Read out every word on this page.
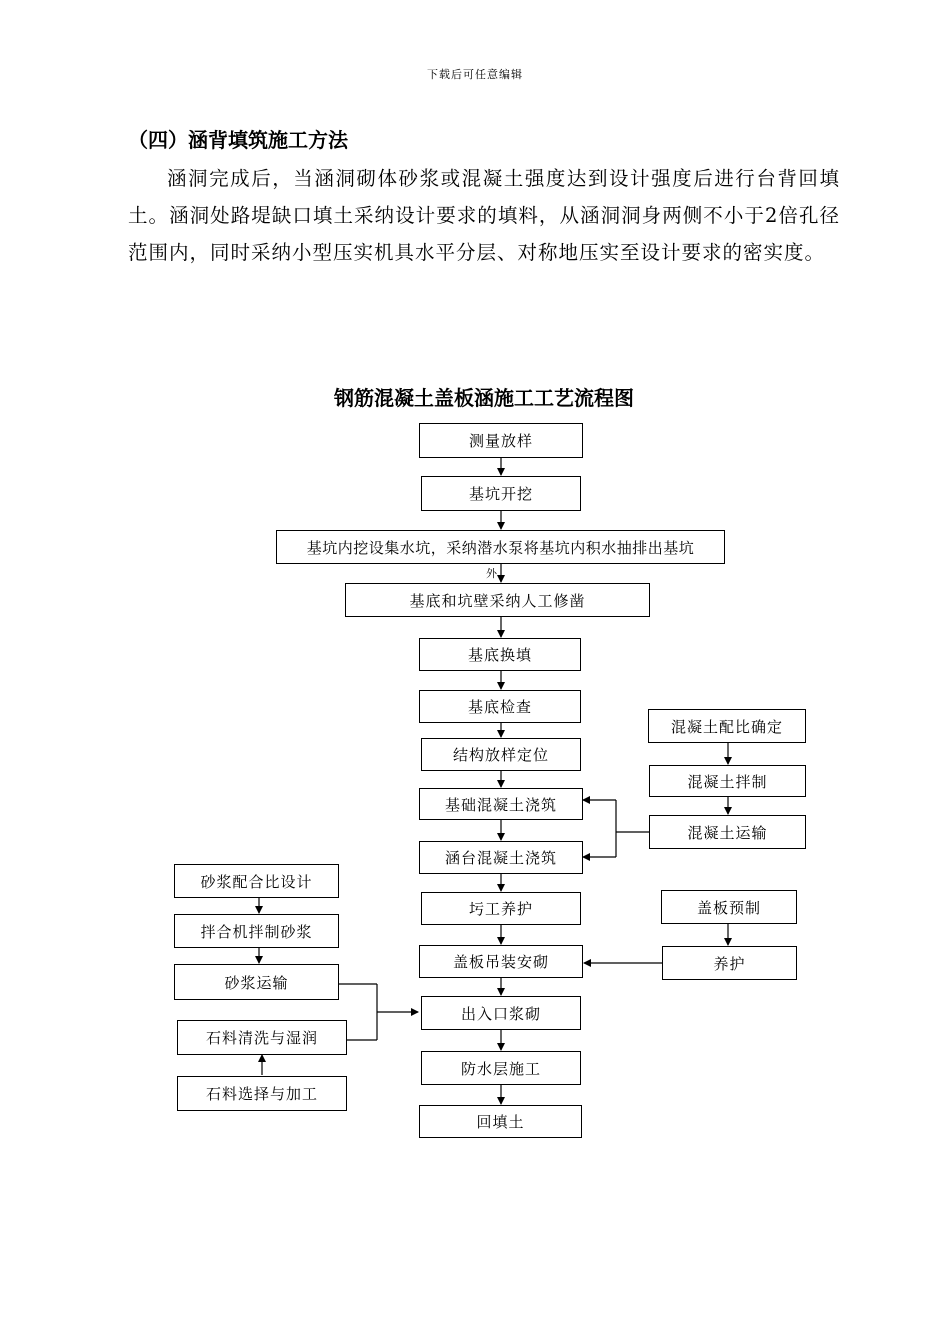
下载后可任意编辑
（四）涵背填筑施工方法
涵洞完成后，当涵洞砌体砂浆或混凝土强度达到设计强度后进行台背回填土。涵洞处路堤缺口填土采纳设计要求的填料，从涵洞洞身两侧不小于2倍孔径范围内，同时采纳小型压实机具水平分层、对称地压实至设计要求的密实度。
钢筋混凝土盖板涵施工工艺流程图
测量放样
基坑开挖
基坑内挖设集水坑，采纳潜水泵将基坑内积水抽排出基坑
外
基底和坑壁采纳人工修凿
基底换填
基底检查
结构放样定位
基础混凝土浇筑
涵台混凝土浇筑
圬工养护
盖板吊装安砌
出入口浆砌
防水层施工
回填土
混凝土配比确定
混凝土拌制
混凝土运输
盖板预制
养护
砂浆配合比设计
拌合机拌制砂浆
砂浆运输
石料清洗与湿润
石料选择与加工
